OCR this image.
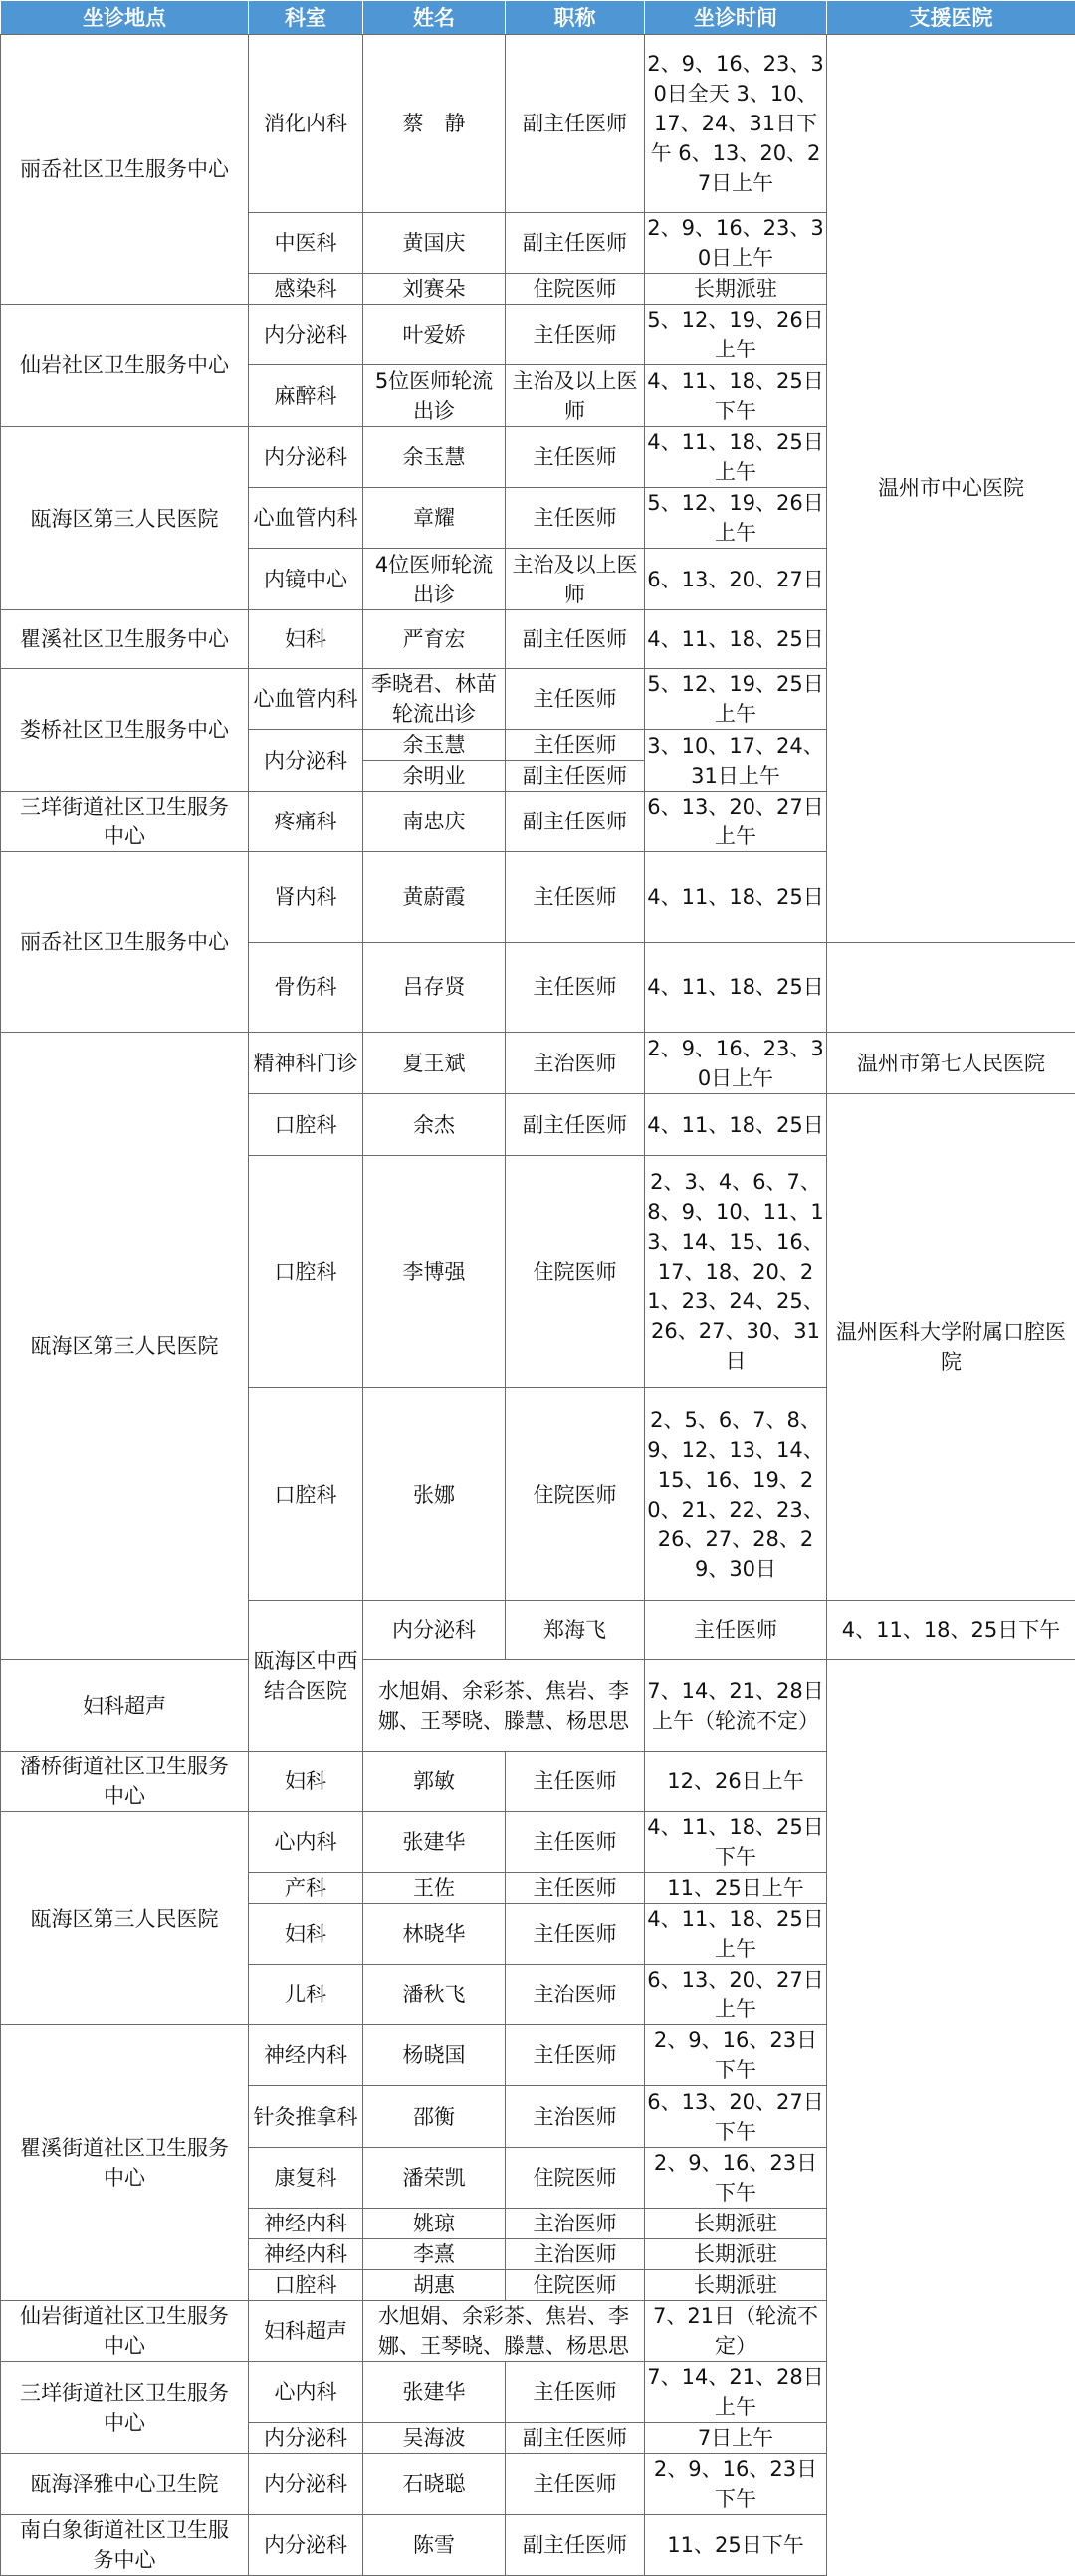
坐诊地点	科室	姓名	职称	坐诊时间	支援医院	
丽岙社区卫生服务中心	消化内科	蔡　静	副主任医师	2、9、16、23、30日全天 3、10、17、24、31日下午 6、13、20、27日上午	温州市中心医院	
	中医科	黄国庆	副主任医师	2、9、16、23、30日上午		
	感染科	刘赛朵	住院医师	长期派驻		
仙岩社区卫生服务中心	内分泌科	叶爱娇	主任医师	5、12、19、26日上午		
	麻醉科	5位医师轮流出诊	主治及以上医师	4、11、18、25日下午		
瓯海区第三人民医院	内分泌科	余玉慧	主任医师	4、11、18、25日上午		
	心血管内科	章耀	主任医师	5、12、19、26日上午		
	内镜中心	4位医师轮流出诊	主治及以上医师	6、13、20、27日		
瞿溪社区卫生服务中心	妇科	严育宏	副主任医师	4、11、18、25日		
娄桥社区卫生服务中心	心血管内科	季晓君、林苗轮流出诊	主任医师	5、12、19、25日上午		
	内分泌科	余玉慧	主任医师	3、10、17、24、31日上午		
		余明业	副主任医师			
三垟街道社区卫生服务中心	疼痛科	南忠庆	副主任医师	6、13、20、27日上午		
丽岙社区卫生服务中心	肾内科	黄蔚霞	主任医师	4、11、18、25日	
	骨伤科	吕存贤	主任医师	4、11、18、25日		
瓯海区第三人民医院	精神科门诊	夏王斌	主治医师	2、9、16、23、30日上午	温州市第七人民医院	
	口腔科	余杰	副主任医师	4、11、18、25日	温州医科大学附属口腔医院	
	口腔科	李博强	住院医师	2、3、4、6、7、8、9、10、11、13、14、15、16、17、18、20、21、23、24、25、26、27、30、31日		
	口腔科	张娜	住院医师	2、5、6、7、8、9、12、13、14、15、16、19、20、21、22、23、26、27、28、29、30日		
	瓯海区中西结合医院	内分泌科	郑海飞	主任医师	4、11、18、25日下午	
妇科超声		水旭娟、余彩茶、焦岩、李娜、王琴晓、滕慧、杨思思		7、14、21、28日上午（轮流不定）		
潘桥街道社区卫生服务中心	妇科	郭敏	主任医师	12、26日上午		
瓯海区第三人民医院	心内科	张建华	主任医师	4、11、18、25日下午		
	产科	王佐	主任医师	11、25日上午		
	妇科	林晓华	主任医师	4、11、18、25日上午		
	儿科	潘秋飞	主治医师	6、13、20、27日上午		
瞿溪街道社区卫生服务中心	神经内科	杨晓国	主任医师	2、9、16、23日下午		
	针灸推拿科	邵衡	主治医师	6、13、20、27日下午		
	康复科	潘荣凯	住院医师	2、9、16、23日下午		
	神经内科	姚琼	主治医师	长期派驻		
	神经内科	李熹	主治医师	长期派驻		
	口腔科	胡惠	住院医师	长期派驻		
仙岩街道社区卫生服务中心	妇科超声	水旭娟、余彩茶、焦岩、李娜、王琴晓、滕慧、杨思思		7、21日（轮流不定）		
三垟街道社区卫生服务中心	心内科	张建华	主任医师	7、14、21、28日上午		
	内分泌科	吴海波	副主任医师	7日上午		
瓯海泽雅中心卫生院	内分泌科	石晓聪	主任医师	2、9、16、23日下午		
南白象街道社区卫生服务中心	内分泌科	陈雪	副主任医师	11、25日下午		
